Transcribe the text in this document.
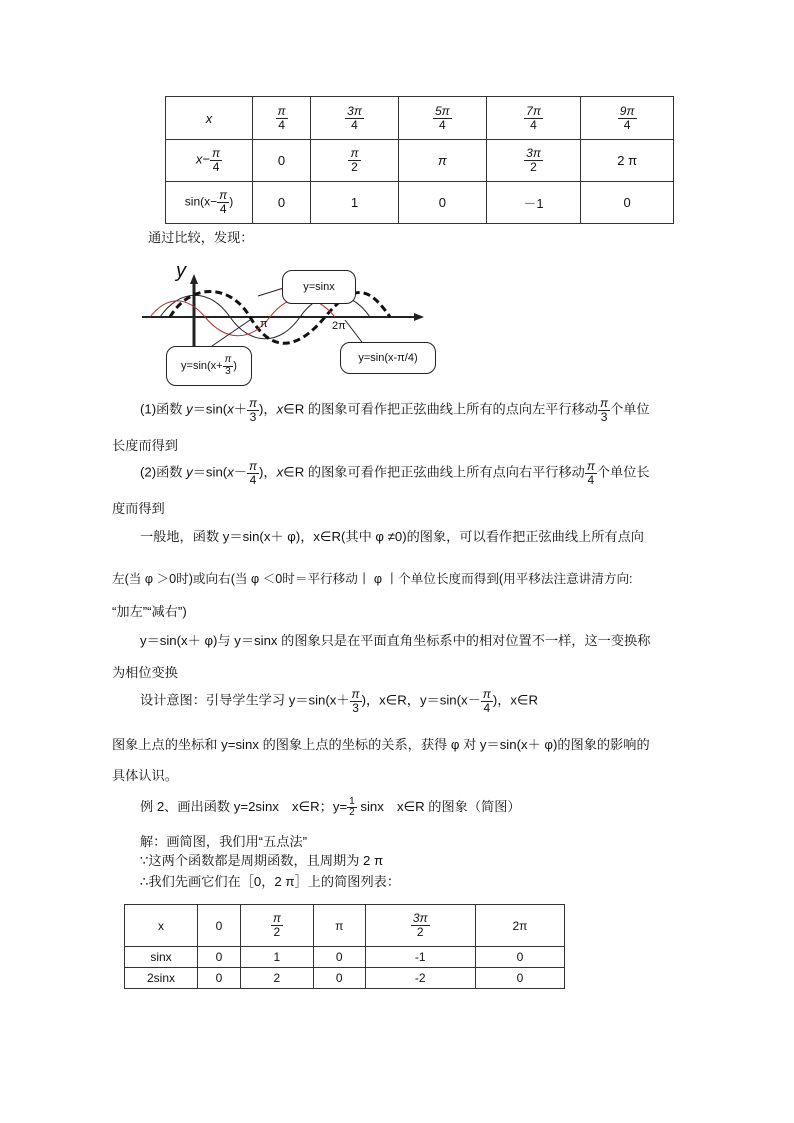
x	$\frac{\pi}{4}$	$\frac{3\pi}{4}$	$\frac{5\pi}{4}$	$\frac{7\pi}{4}$	$\frac{9\pi}{4}$

$x- \frac{\pi}{4}$	0	$\frac{\pi}{2}$	π	$\frac{3\pi}{2}$	2 π
$\sin(x- \frac{\pi}{4}$ )	0	1	0	－1	0
通过比较，发现：
y
π	2π
y=sinx
y=sin(x-π/4)
$y=\sin(x+ \frac{\pi}{3}$ )
(1)函数 $y=\sin(x+ \frac{\pi}{3}$ )，x∈R 的图象可看作把正弦曲线上所有的点向左平行移动 $\frac{\pi}{3}$ 个单位
长度而得到
(2)函数 $y=\sin(x- \frac{\pi}{4}$ )，x∈R 的图象可看作把正弦曲线上所有点向右平行移动 $\frac{\pi}{4}$ 个单位长
度而得到
一般地，函数 y＝sin(x＋ φ)，x∈R(其中 φ ≠0)的图象，可以看作把正弦曲线上所有点向
左(当 φ ＞0时)或向右(当 φ ＜0时＝平行移动丨 φ 丨个单位长度而得到(用平移法注意讲清方向:
“加左”“减右”)
y＝sin(x＋ φ)与 y＝sinx 的图象只是在平面直角坐标系中的相对位置不一样，这一变换称
为相位变换
设计意图：引导学生学习 $y=\sin(x+ \frac{\pi}{3}$ )，x∈R，$y=\sin(x- \frac{\pi}{4}$ )，x∈R
图象上点的坐标和 y=sinx 的图象上点的坐标的关系，获得 φ 对 y＝sin(x＋ φ)的图象的影响的
具体认识。
例 2、画出函数 y=2sinx　x∈R；$y= \frac{1}{2}$ sinx　x∈R 的图象（简图）
解：画简图，我们用“五点法”
∵这两个函数都是周期函数，且周期为 2 π
∴我们先画它们在［0，2 π］上的简图列表：
x	0	$\frac{\pi}{2}$	π	$\frac{3\pi}{2}$	2π
sinx	0	1	0	-1	0
2sinx	0	2	0	-2	0
